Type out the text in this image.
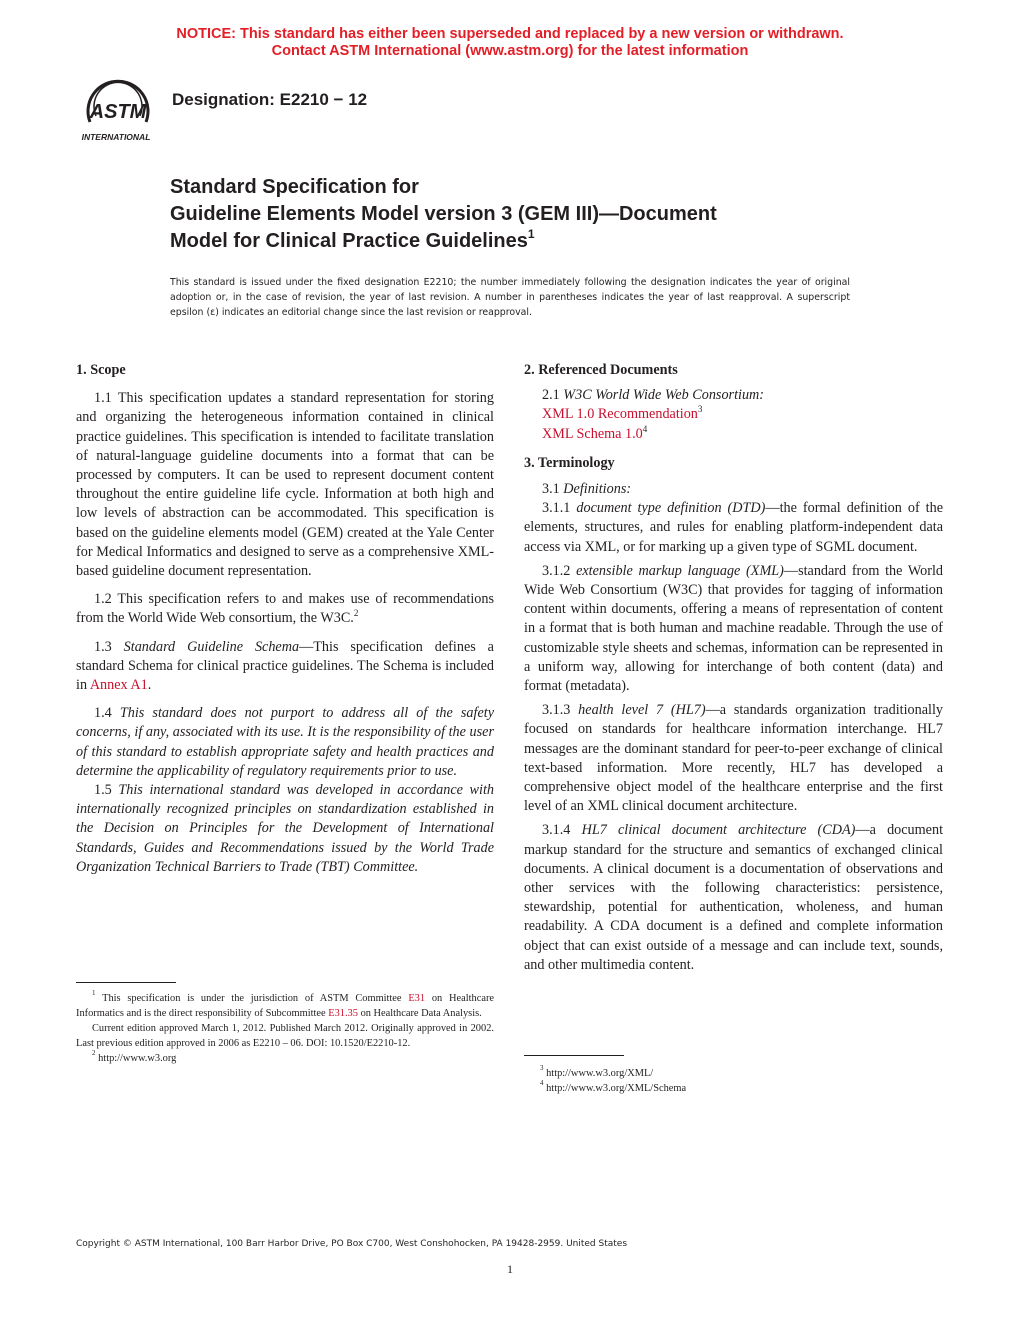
NOTICE: This standard has either been superseded and replaced by a new version or withdrawn.
Contact ASTM International (www.astm.org) for the latest information
ASTM
INTERNATIONAL
Designation: E2210 − 12
Standard Specification for
Guideline Elements Model version 3 (GEM III)—Document
Model for Clinical Practice Guidelines$^1$
This standard is issued under the fixed designation E2210; the number immediately following the designation indicates the year of original adoption or, in the case of revision, the year of last revision. A number in parentheses indicates the year of last reapproval. A superscript epsilon (ε) indicates an editorial change since the last revision or reapproval.

1. Scope

1.1 This specification updates a standard representation for storing and organizing the heterogeneous information contained in clinical practice guidelines. This specification is intended to facilitate translation of natural-language guideline documents into a format that can be processed by computers. It can be used to represent document content throughout the entire guideline life cycle. Information at both high and low levels of abstraction can be accommodated. This specification is based on the guideline elements model (GEM) created at the Yale Center for Medical Informatics and designed to serve as a comprehensive XML-based guideline document representation.

1.2 This specification refers to and makes use of recommendations from the World Wide Web consortium, the W3C.$^2$

1.3 Standard Guideline Schema—This specification defines a standard Schema for clinical practice guidelines. The Schema is included in Annex A1.

1.4 This standard does not purport to address all of the safety concerns, if any, associated with its use. It is the responsibility of the user of this standard to establish appropriate safety and health practices and determine the applicability of regulatory requirements prior to use.

1.5 This international standard was developed in accordance with internationally recognized principles on standardization established in the Decision on Principles for the Development of International Standards, Guides and Recommendations issued by the World Trade Organization Technical Barriers to Trade (TBT) Committee.

$^1$ This specification is under the jurisdiction of ASTM Committee E31 on Healthcare Informatics and is the direct responsibility of Subcommittee E31.35 on Healthcare Data Analysis.

Current edition approved March 1, 2012. Published March 2012. Originally approved in 2002. Last previous edition approved in 2006 as E2210 – 06. DOI: 10.1520/E2210-12.

$^2$ http://www.w3.org

2. Referenced Documents

2.1 W3C World Wide Web Consortium:

XML 1.0 Recommendation$^3$

XML Schema $1.0^4$

3. Terminology

3.1 Definitions:

3.1.1 document type definition (DTD)—the formal definition of the elements, structures, and rules for enabling platform-independent data access via XML, or for marking up a given type of SGML document.

3.1.2 extensible markup language (XML)—standard from the World Wide Web Consortium (W3C) that provides for tagging of information content within documents, offering a means of representation of content in a format that is both human and machine readable. Through the use of customizable style sheets and schemas, information can be represented in a uniform way, allowing for interchange of both content (data) and format (metadata).

3.1.3 health level 7 (HL7)—a standards organization traditionally focused on standards for healthcare information interchange. HL7 messages are the dominant standard for peer-to-peer exchange of clinical text-based information. More recently, HL7 has developed a comprehensive object model of the healthcare enterprise and the first level of an XML clinical document architecture.

3.1.4 HL7 clinical document architecture (CDA)—a document markup standard for the structure and semantics of exchanged clinical documents. A clinical document is a documentation of observations and other services with the following characteristics: persistence, stewardship, potential for authentication, wholeness, and human readability. A CDA document is a defined and complete information object that can exist outside of a message and can include text, sounds, and other multimedia content.

$^3$ http://www.w3.org/XML/

$^4$ http://www.w3.org/XML/Schema

Copyright © ASTM International, 100 Barr Harbor Drive, PO Box C700, West Conshohocken, PA 19428-2959. United States
1
